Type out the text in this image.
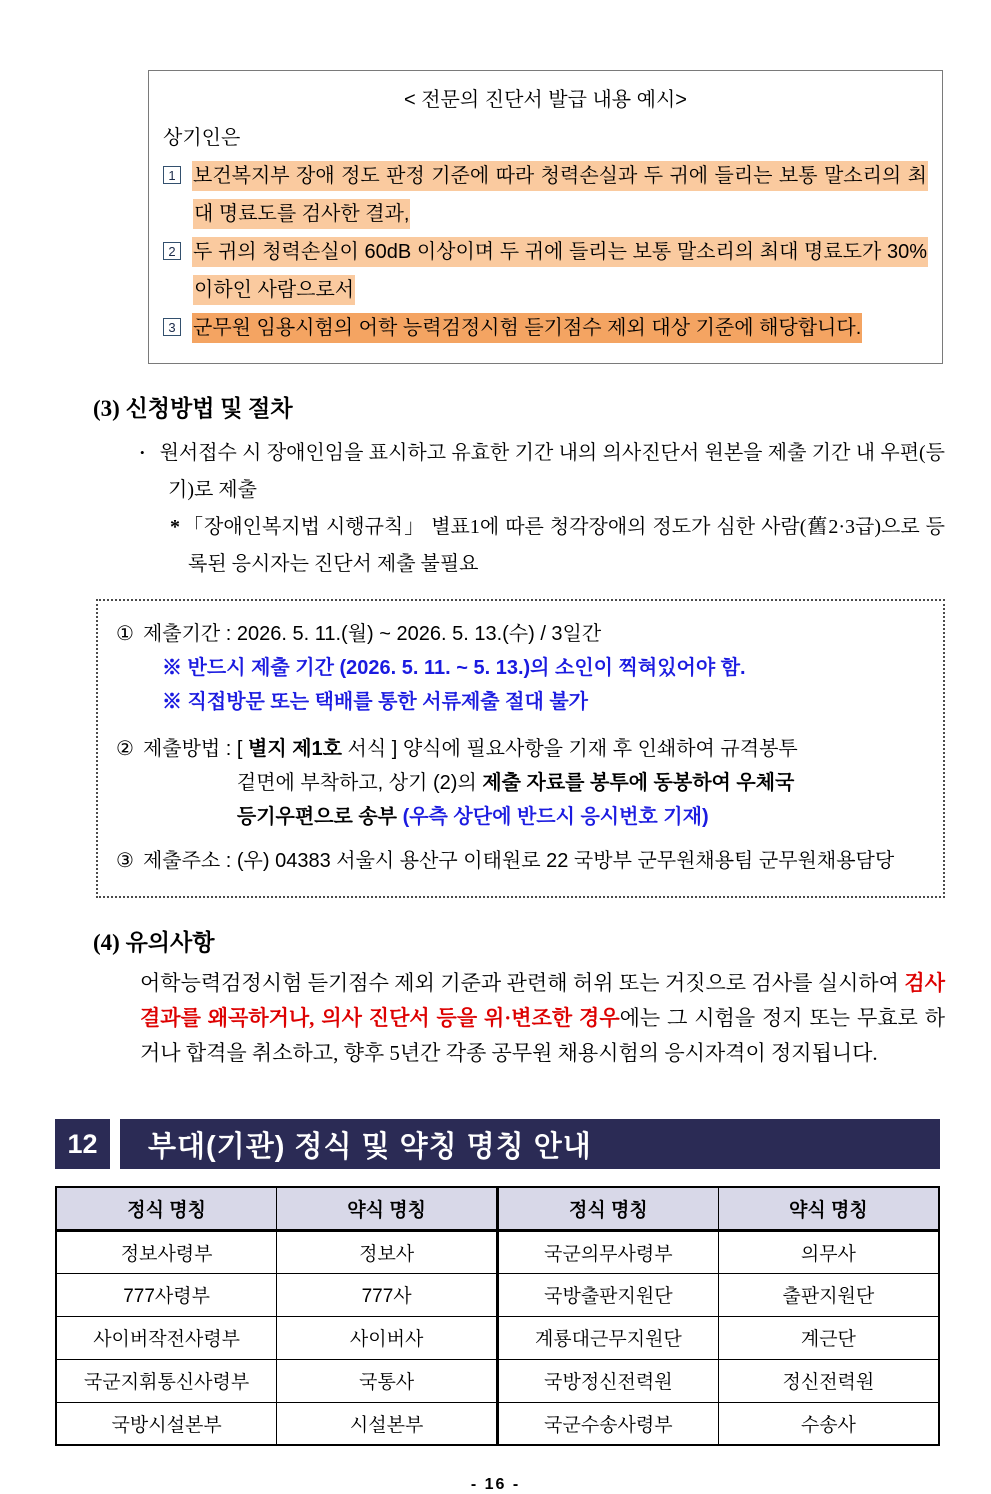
< 전문의 진단서 발급 내용 예시>
상기인은
1 보건복지부 장애 정도 판정 기준에 따라 청력손실과 두 귀에 들리는 보통 말소리의 최대 명료도를 검사한 결과,
2 두 귀의 청력손실이 60dB 이상이며 두 귀에 들리는 보통 말소리의 최대 명료도가 30% 이하인 사람으로서
3 군무원 임용시험의 어학 능력검정시험 듣기점수 제외 대상 기준에 해당합니다.
(3) 신청방법 및 절차
• 원서접수 시 장애인임을 표시하고 유효한 기간 내의 의사진단서 원본을 제출 기간 내 우편(등기)로 제출
* 「장애인복지법 시행규칙」 별표1에 따른 청각장애의 정도가 심한 사람(舊2·3급)으로 등록된 응시자는 진단서 제출 불필요
① 제출기간 : 2026. 5. 11.(월) ~ 2026. 5. 13.(수) / 3일간
※ 반드시 제출 기간 (2026. 5. 11. ~ 5. 13.)의 소인이 찍혀있어야 함.
※ 직접방문 또는 택배를 통한 서류제출 절대 불가
② 제출방법 : [ 별지 제1호 서식 ] 양식에 필요사항을 기재 후 인쇄하여 규격봉투
겉면에 부착하고, 상기 (2)의 제출 자료를 봉투에 동봉하여 우체국
등기우편으로 송부 (우측 상단에 반드시 응시번호 기재)
③ 제출주소 : (우) 04383 서울시 용산구 이태원로 22 국방부 군무원채용팀 군무원채용담당
(4) 유의사항
어학능력검정시험 듣기점수 제외 기준과 관련해 허위 또는 거짓으로 검사를 실시하여 검사결과를 왜곡하거나, 의사 진단서 등을 위·변조한 경우에는 그 시험을 정지 또는 무효로 하거나 합격을 취소하고, 향후 5년간 각종 공무원 채용시험의 응시자격이 정지됩니다.
12	부대(기관) 정식 및 약칭 명칭 안내
정식 명칭	약식 명칭	정식 명칭	약식 명칭
정보사령부	정보사	국군의무사령부	의무사
777사령부	777사	국방출판지원단	출판지원단
사이버작전사령부	사이버사	계룡대근무지원단	계근단
국군지휘통신사령부	국통사	국방정신전력원	정신전력원
국방시설본부	시설본부	국군수송사령부	수송사
- 16 -
